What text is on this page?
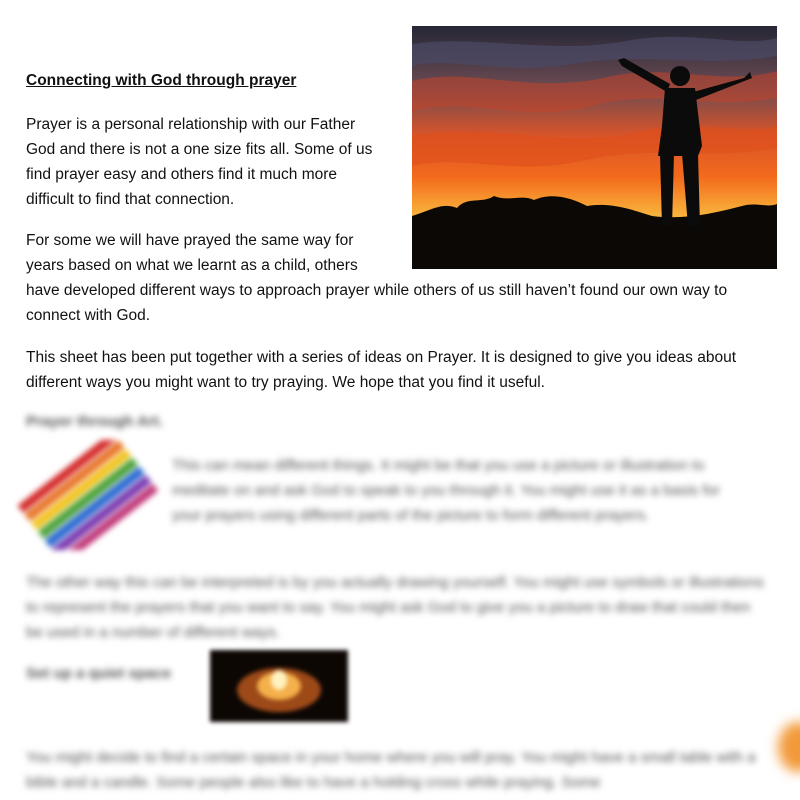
Connecting with God through prayer

Prayer is a personal relationship with our Father God and there is not a one size fits all. Some of us find prayer easy and others find it much more difficult to find that connection.

For some we will have prayed the same way for
years based on what we learnt as a child, others
have developed different ways to approach prayer while others of us still haven’t found our own way to connect with God.

This sheet has been put together with a series of ideas on Prayer. It is designed to give you ideas about different ways you might want to try praying. We hope that you find it useful.

Prayer through Art.

This can mean different things. It might be that you use a picture or illustration to meditate on and ask God to speak to you through it. You might use it as a basis for your prayers using different parts of the picture to form different prayers.

The other way this can be interpreted is by you actually drawing yourself. You might use symbols or illustrations to represent the prayers that you want to say. You might ask God to give you a picture to draw that could then be used in a number of different ways.

Set up a quiet space

You might decide to find a certain space in your home where you will pray. You might have a small table with a bible and a candle. Some people also like to have a holding cross while praying. Some
